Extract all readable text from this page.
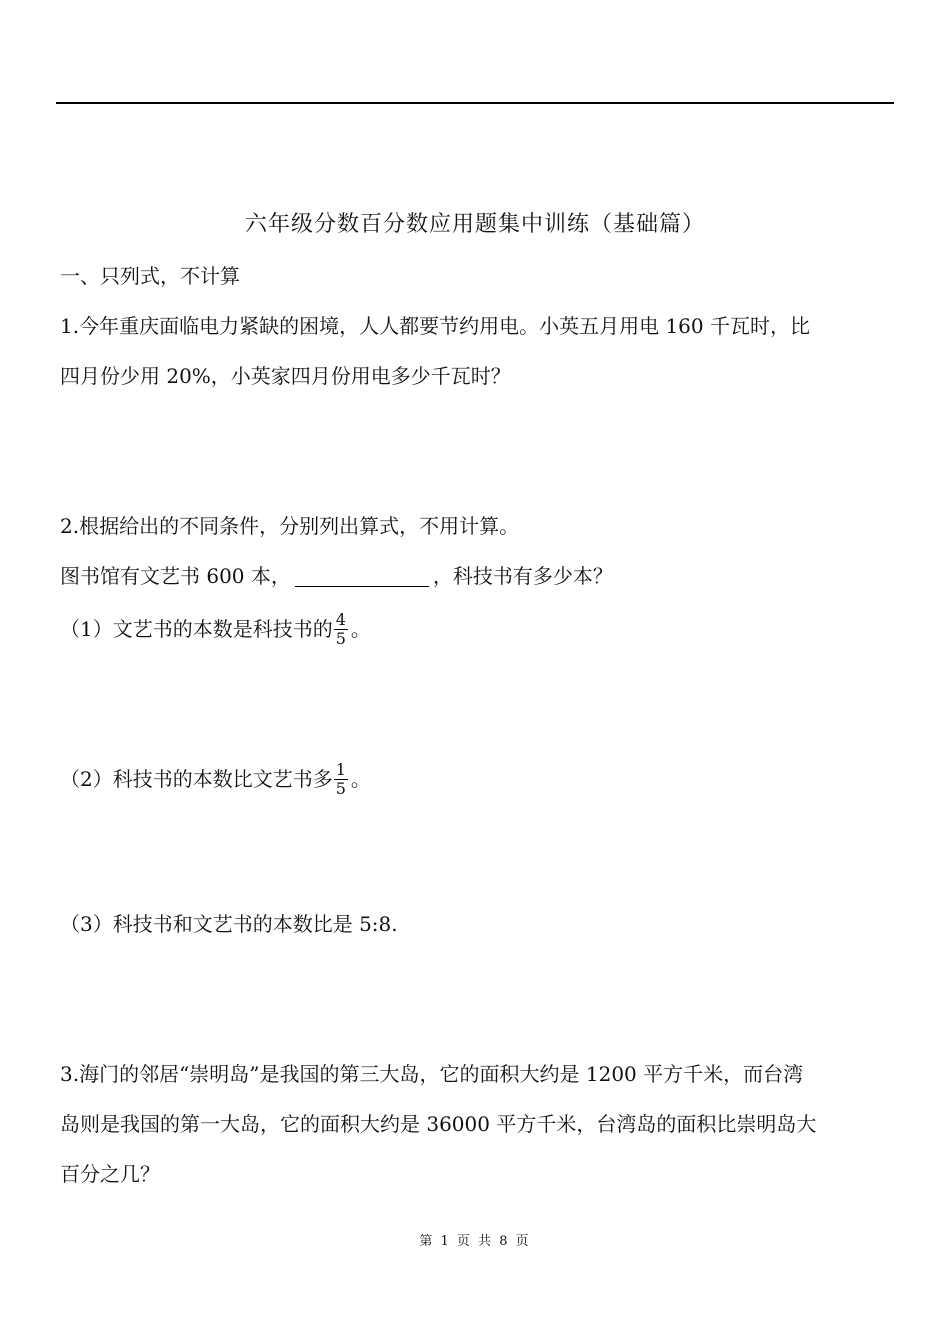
六年级分数百分数应用题集中训练（基础篇）
一、只列式，不计算
1.今年重庆面临电力紧缺的困境，人人都要节约用电。小英五月用电 160 千瓦时，比
四月份少用 20%，小英家四月份用电多少千瓦时？
2.根据给出的不同条件，分别列出算式，不用计算。
图书馆有文艺书 600 本，	，科技书有多少本？
（1）文艺书的本数是科技书的 $\frac{4}{5}$ 。
（2）科技书的本数比文艺书多 $\frac{1}{5}$ 。
（3）科技书和文艺书的本数比是 5:8.
3.海门的邻居“崇明岛”是我国的第三大岛，它的面积大约是 1200 平方千米，而台湾
岛则是我国的第一大岛，它的面积大约是 36000 平方千米，台湾岛的面积比崇明岛大
百分之几？
第 1 页 共 8 页
